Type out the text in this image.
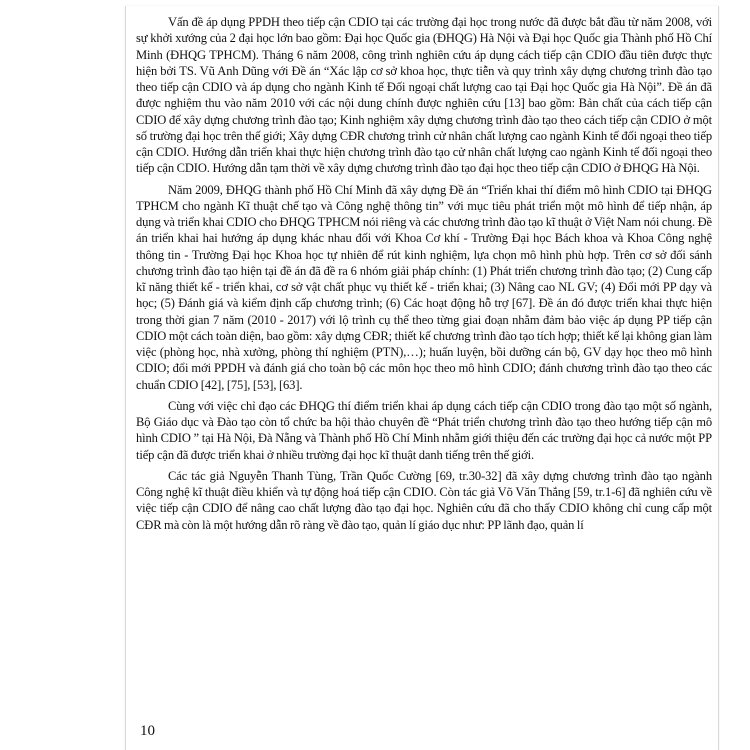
Vấn đề áp dụng PPDH theo tiếp cận CDIO tại các trường đại học trong nước đã được bắt đầu từ năm 2008, với sự khởi xướng của 2 đại học lớn bao gồm: Đại học Quốc gia (ĐHQG) Hà Nội và Đại học Quốc gia Thành phố Hồ Chí Minh (ĐHQG TPHCM). Tháng 6 năm 2008, công trình nghiên cứu áp dụng cách tiếp cận CDIO đầu tiên được thực hiện bởi TS. Vũ Anh Dũng với Đề án “Xác lập cơ sở khoa học, thực tiễn và quy trình xây dựng chương trình đào tạo theo tiếp cận CDIO và áp dụng cho ngành Kinh tế Đối ngoại chất lượng cao tại Đại học Quốc gia Hà Nội”. Đề án đã được nghiệm thu vào năm 2010 với các nội dung chính được nghiên cứu [13] bao gồm: Bản chất của cách tiếp cận CDIO để xây dựng chương trình đào tạo; Kinh nghiệm xây dựng chương trình đào tạo theo cách tiếp cận CDIO ở một số trường đại học trên thế giới; Xây dựng CĐR chương trình cử nhân chất lượng cao ngành Kinh tế đối ngoại theo tiếp cận CDIO. Hướng dẫn triển khai thực hiện chương trình đào tạo cử nhân chất lượng cao ngành Kinh tế đối ngoại theo tiếp cận CDIO. Hướng dẫn tạm thời về xây dựng chương trình đào tạo đại học theo tiếp cận CDIO ở ĐHQG Hà Nội.

Năm 2009, ĐHQG thành phố Hồ Chí Minh đã xây dựng Đề án “Triển khai thí điểm mô hình CDIO tại ĐHQG TPHCM cho ngành Kĩ thuật chế tạo và Công nghệ thông tin” với mục tiêu phát triển một mô hình để tiếp nhận, áp dụng và triển khai CDIO cho ĐHQG TPHCM nói riêng và các chương trình đào tạo kĩ thuật ở Việt Nam nói chung. Đề án triển khai hai hướng áp dụng khác nhau đối với Khoa Cơ khí - Trường Đại học Bách khoa và Khoa Công nghệ thông tin - Trường Đại học Khoa học tự nhiên để rút kinh nghiệm, lựa chọn mô hình phù hợp. Trên cơ sở đối sánh chương trình đào tạo hiện tại đề án đã đề ra 6 nhóm giải pháp chính: (1) Phát triển chương trình đào tạo; (2) Cung cấp kĩ năng thiết kế - triển khai, cơ sở vật chất phục vụ thiết kế - triển khai; (3) Nâng cao NL GV; (4) Đổi mới PP dạy và học; (5) Đánh giá và kiểm định cấp chương trình; (6) Các hoạt động hỗ trợ [67]. Đề án đó được triển khai thực hiện trong thời gian 7 năm (2010 - 2017) với lộ trình cụ thể theo từng giai đoạn nhằm đảm bảo việc áp dụng PP tiếp cận CDIO một cách toàn diện, bao gồm: xây dựng CĐR; thiết kế chương trình đào tạo tích hợp; thiết kế lại không gian làm việc (phòng học, nhà xưởng, phòng thí nghiệm (PTN),…); huấn luyện, bồi dưỡng cán bộ, GV dạy học theo mô hình CDIO; đổi mới PPDH và đánh giá cho toàn bộ các môn học theo mô hình CDIO; đánh chương trình đào tạo theo các chuẩn CDIO [42], [75], [53], [63].

Cùng với việc chỉ đạo các ĐHQG thí điểm triển khai áp dụng cách tiếp cận CDIO trong đào tạo một số ngành, Bộ Giáo dục và Đào tạo còn tổ chức ba hội thảo chuyên đề “Phát triển chương trình đào tạo theo hướng tiếp cận mô hình CDIO ” tại Hà Nội, Đà Nẵng và Thành phố Hồ Chí Minh nhằm giới thiệu đến các trường đại học cả nước một PP tiếp cận đã được triển khai ở nhiều trường đại học kĩ thuật danh tiếng trên thế giới.

Các tác giả Nguyễn Thanh Tùng, Trần Quốc Cường [69, tr.30-32] đã xây dựng chương trình đào tạo ngành Công nghệ kĩ thuật điều khiển và tự động hoá tiếp cận CDIO. Còn tác giả Võ Văn Thắng [59, tr.1-6] đã nghiên cứu về việc tiếp cận CDIO để nâng cao chất lượng đào tạo đại học. Nghiên cứu đã cho thấy CDIO không chỉ cung cấp một CĐR mà còn là một hướng dẫn rõ ràng về đào tạo, quản lí giáo dục như: PP lãnh đạo, quản lí

10
